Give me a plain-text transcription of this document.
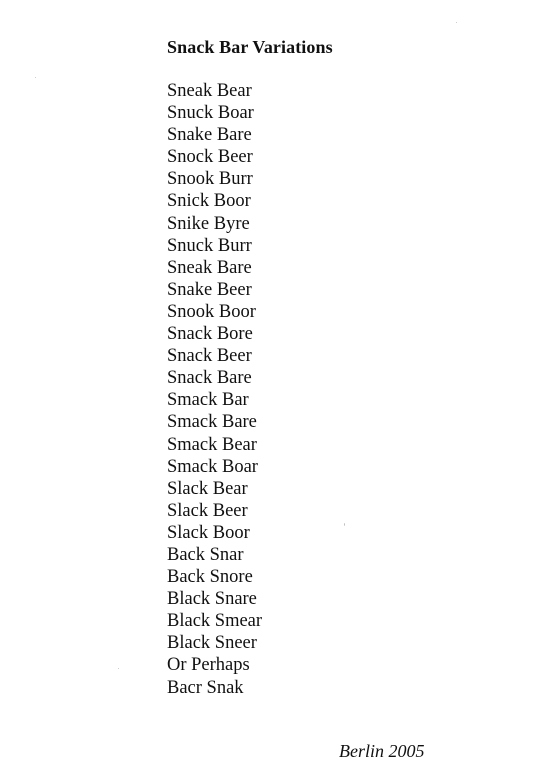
Snack Bar Variations
Sneak Bear
Snuck Boar
Snake Bare
Snock Beer
Snook Burr
Snick Boor
Snike Byre
Snuck Burr
Sneak Bare
Snake Beer
Snook Boor
Snack Bore
Snack Beer
Snack Bare
Smack Bar
Smack Bare
Smack Bear
Smack Boar
Slack Bear
Slack Beer
Slack Boor
Back Snar
Back Snore
Black Snare
Black Smear
Black Sneer
Or Perhaps
Bacr Snak
Berlin 2005
